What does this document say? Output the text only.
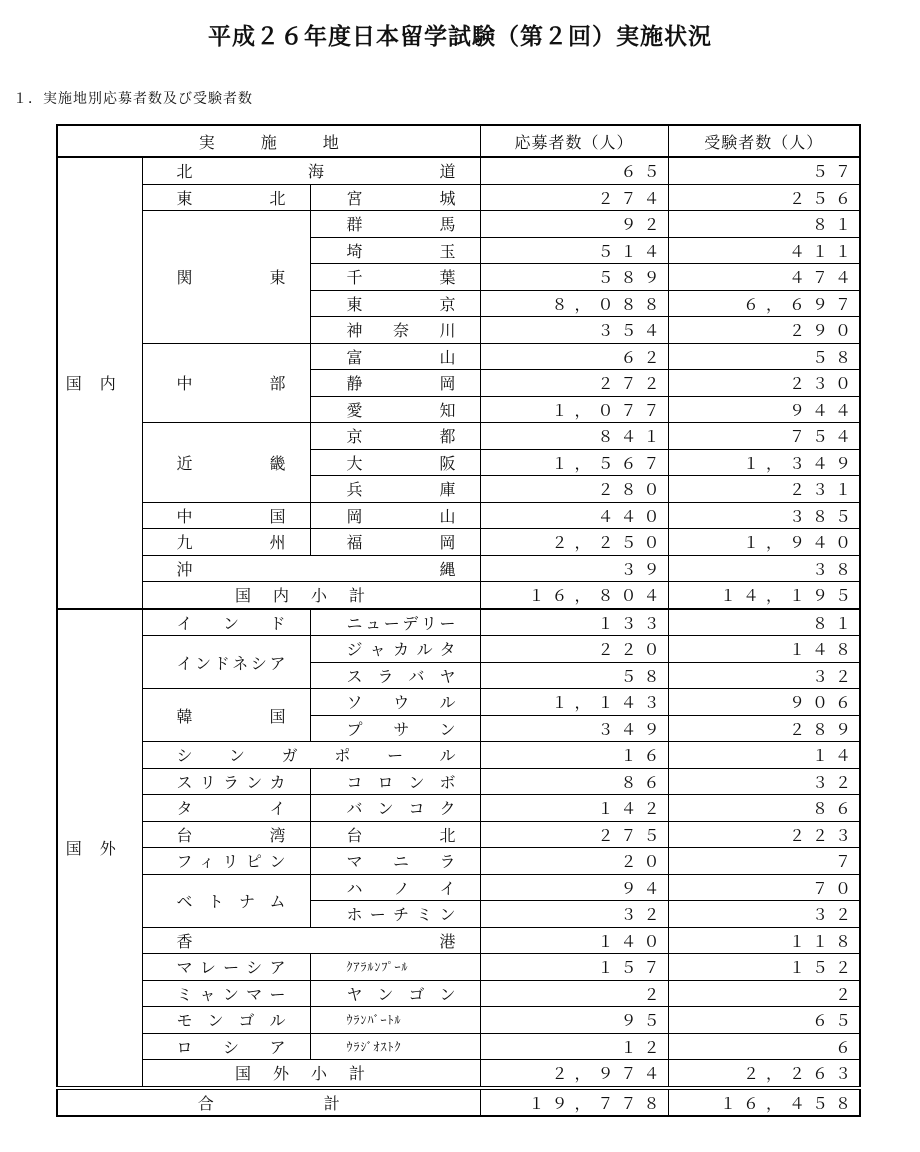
平成２６年度日本留学試験（第２回）実施状況
１．実施地別応募者数及び受験者数
実施地			応募者数（人）	受験者数（人）
国内	北海道		６５	５７
	東北	宮城	２７４	２５６
	関東	群馬	９２	８１
		埼玉	５１４	４１１
		千葉	５８９	４７４
		東京	８，０８８	６，６９７
		神奈川	３５４	２９０
	中部	富山	６２	５８
		静岡	２７２	２３０
		愛知	１，０７７	９４４
	近畿	京都	８４１	７５４
		大阪	１，５６７	１，３４９
		兵庫	２８０	２３１
	中国	岡山	４４０	３８５
	九州	福岡	２，２５０	１，９４０
	沖縄		３９	３８
	国内小計		１６，８０４	１４，１９５
国外	インド	ニューデリー	１３３	８１
	インドネシア	ジャカルタ	２２０	１４８
		スラバヤ	５８	３２
	韓国	ソウル	１，１４３	９０６
		プサン	３４９	２８９
	シンガポール		１６	１４
	スリランカ	コロンボ	８６	３２
	タイ	バンコク	１４２	８６
	台湾	台北	２７５	２２３
	フィリピン	マニラ	２０	７
	ベトナム	ハノイ	９４	７０
		ホーチミン	３２	３２
	香港		１４０	１１８
	マレーシア	ｸｱﾗﾙﾝﾌﾟｰﾙ	１５７	１５２
	ミャンマー	ヤンゴン	２	２
	モンゴル	ｳﾗﾝﾊﾞｰﾄﾙ	９５	６５
	ロシア	ｳﾗｼﾞｵｽﾄｸ	１２	６
	国外小計		２，９７４	２，２６３
合計			１９，７７８	１６，４５８
